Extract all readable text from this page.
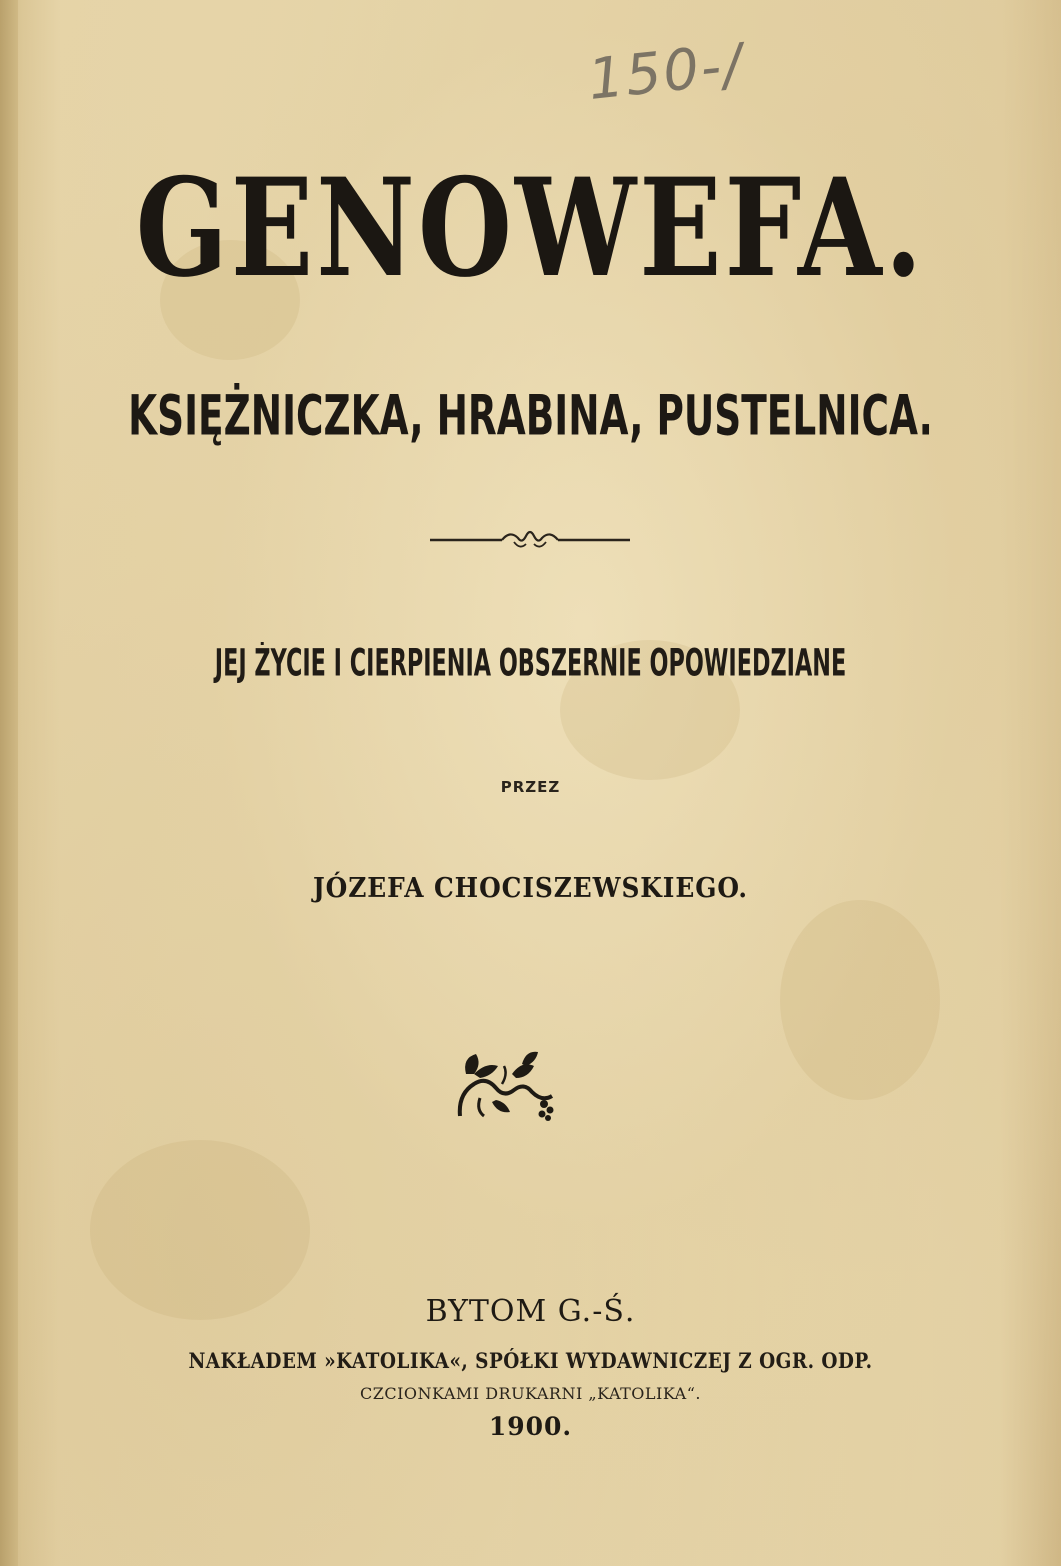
150-/
GENOWEFA.
KSIĘŻNICZKA, HRABINA, PUSTELNICA.
JEJ ŻYCIE I CIERPIENIA OBSZERNIE OPOWIEDZIANE
PRZEZ
JÓZEFA CHOCISZEWSKIEGO.
BYTOM G.-Ś.
NAKŁADEM »KATOLIKA«, SPÓŁKI WYDAWNICZEJ Z OGR. ODP.
CZCIONKAMI DRUKARNI „KATOLIKA“.
1900.
